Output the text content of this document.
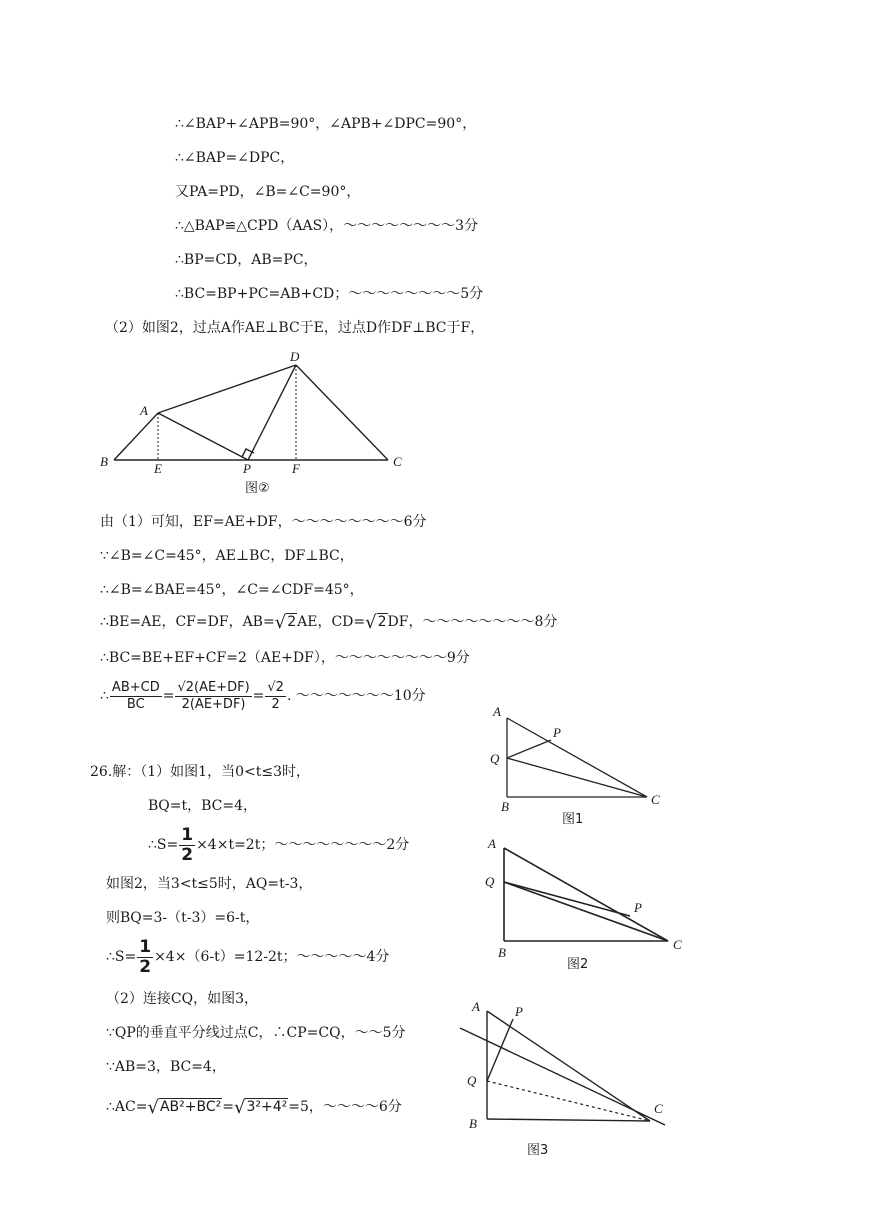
∴∠BAP+∠APB=90°，∠APB+∠DPC=90°，
∴∠BAP=∠DPC，
又PA=PD，∠B=∠C=90°，
∴△BAP≌△CPD（AAS），～～～～～～～～3分
∴BP=CD，AB=PC，
∴BC=BP+PC=AB+CD；～～～～～～～～5分
（2）如图2，过点A作AE⊥BC于E，过点D作DF⊥BC于F，
A
D
B	E	P	F	C
图②
由（1）可知，EF=AE+DF，～～～～～～～～6分
∵∠B=∠C=45°，AE⊥BC，DF⊥BC，
∴∠B=∠BAE=45°，∠C=∠CDF=45°，
∴BE=AE，CF=DF，AB=√2AE，CD=√2DF，～～～～～～～～8分
∴BC=BE+EF+CF=2（AE+DF），～～～～～～～～9分
∴ $\frac{AB+CD}{BC} = \frac{√2(AE+DF)}{2(AE+DF)} = \frac{√2}{2}$ . ～～～～～～～10分
26.解：（1）如图1，当0<t≤3时，
BQ=t，BC=4，
∴S= $\frac{1}{2} \times 4\times t=2t$；～～～～～～～～2分
如图2，当3<t≤5时，AQ=t-3，
则BQ=3-（t-3）=6-t，
∴S= $\frac{1}{2} \times 4\times(6-t)=12-2t$；～～～～～4分
（2）连接CQ，如图3，
∵QP的垂直平分线过点C，∴CP=CQ，～～5分
∵AB=3，BC=4，
∴AC=√AB²+BC²=√3²+4²=5，～～～～6分
A
P
Q
B	C
图1
A
Q
P
B
C
图2
A	P
Q
B
C
图3
